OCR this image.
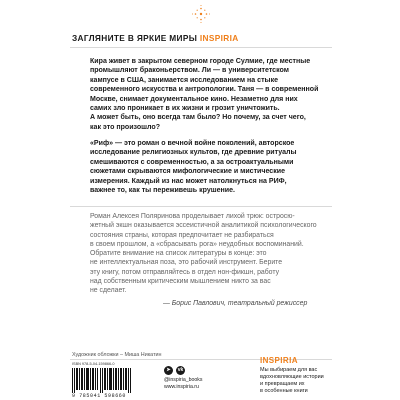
ЗАГЛЯНИТЕ В ЯРКИЕ МИРЫ INSPIRIA
Кира живет в закрытом северном городе Сулмие, где местные
промышляют браконьерством. Ли — в университетском
кампусе в США, занимается исследованием на стыке
современного искусства и антропологии. Таня — в современной
Москве, снимает документальное кино. Незаметно для них
самих зло проникает в их жизни и грозит уничтожить.
А может быть, оно всегда там было? Но почему, за счет чего,
как это произошло?
«Риф» — это роман о вечной войне поколений, авторское
исследование религиозных культов, где древние ритуалы
смешиваются с современностью, а за остроактуальными
сюжетами скрываются мифологические и мистические
измерения. Каждый из нас может натолкнуться на РИФ,
важнее то, как ты переживешь крушение.
Роман Алексея Поляринова проделывает лихой трюк: остросю-
жетный экшн оказывается эссеистичной аналитикой психологического
состояния страны, которая предпочитает не разбираться
в своем прошлом, а «сбрасывать рога» неудобных воспоминаний.
Обратите внимание на список литературы в конце: это
не интеллектуальная поза, это рабочий инструмент. Берите
эту книгу, потом отправляйтесь в отдел нон-фикшн, работу
над собственным критическим мышлением никто за вас
не сделает.
— Борис Павлович, театральный режиссер
Художник обложки – Миша Никатин
ISBN 978-5-04-159866-0
9 785041 598660
➤	vk
@inspiria_books
www.inspiria.ru
INSPIRIA
Мы выбираем для вас
вдохновляющие истории
и превращаем их
в особенные книги
